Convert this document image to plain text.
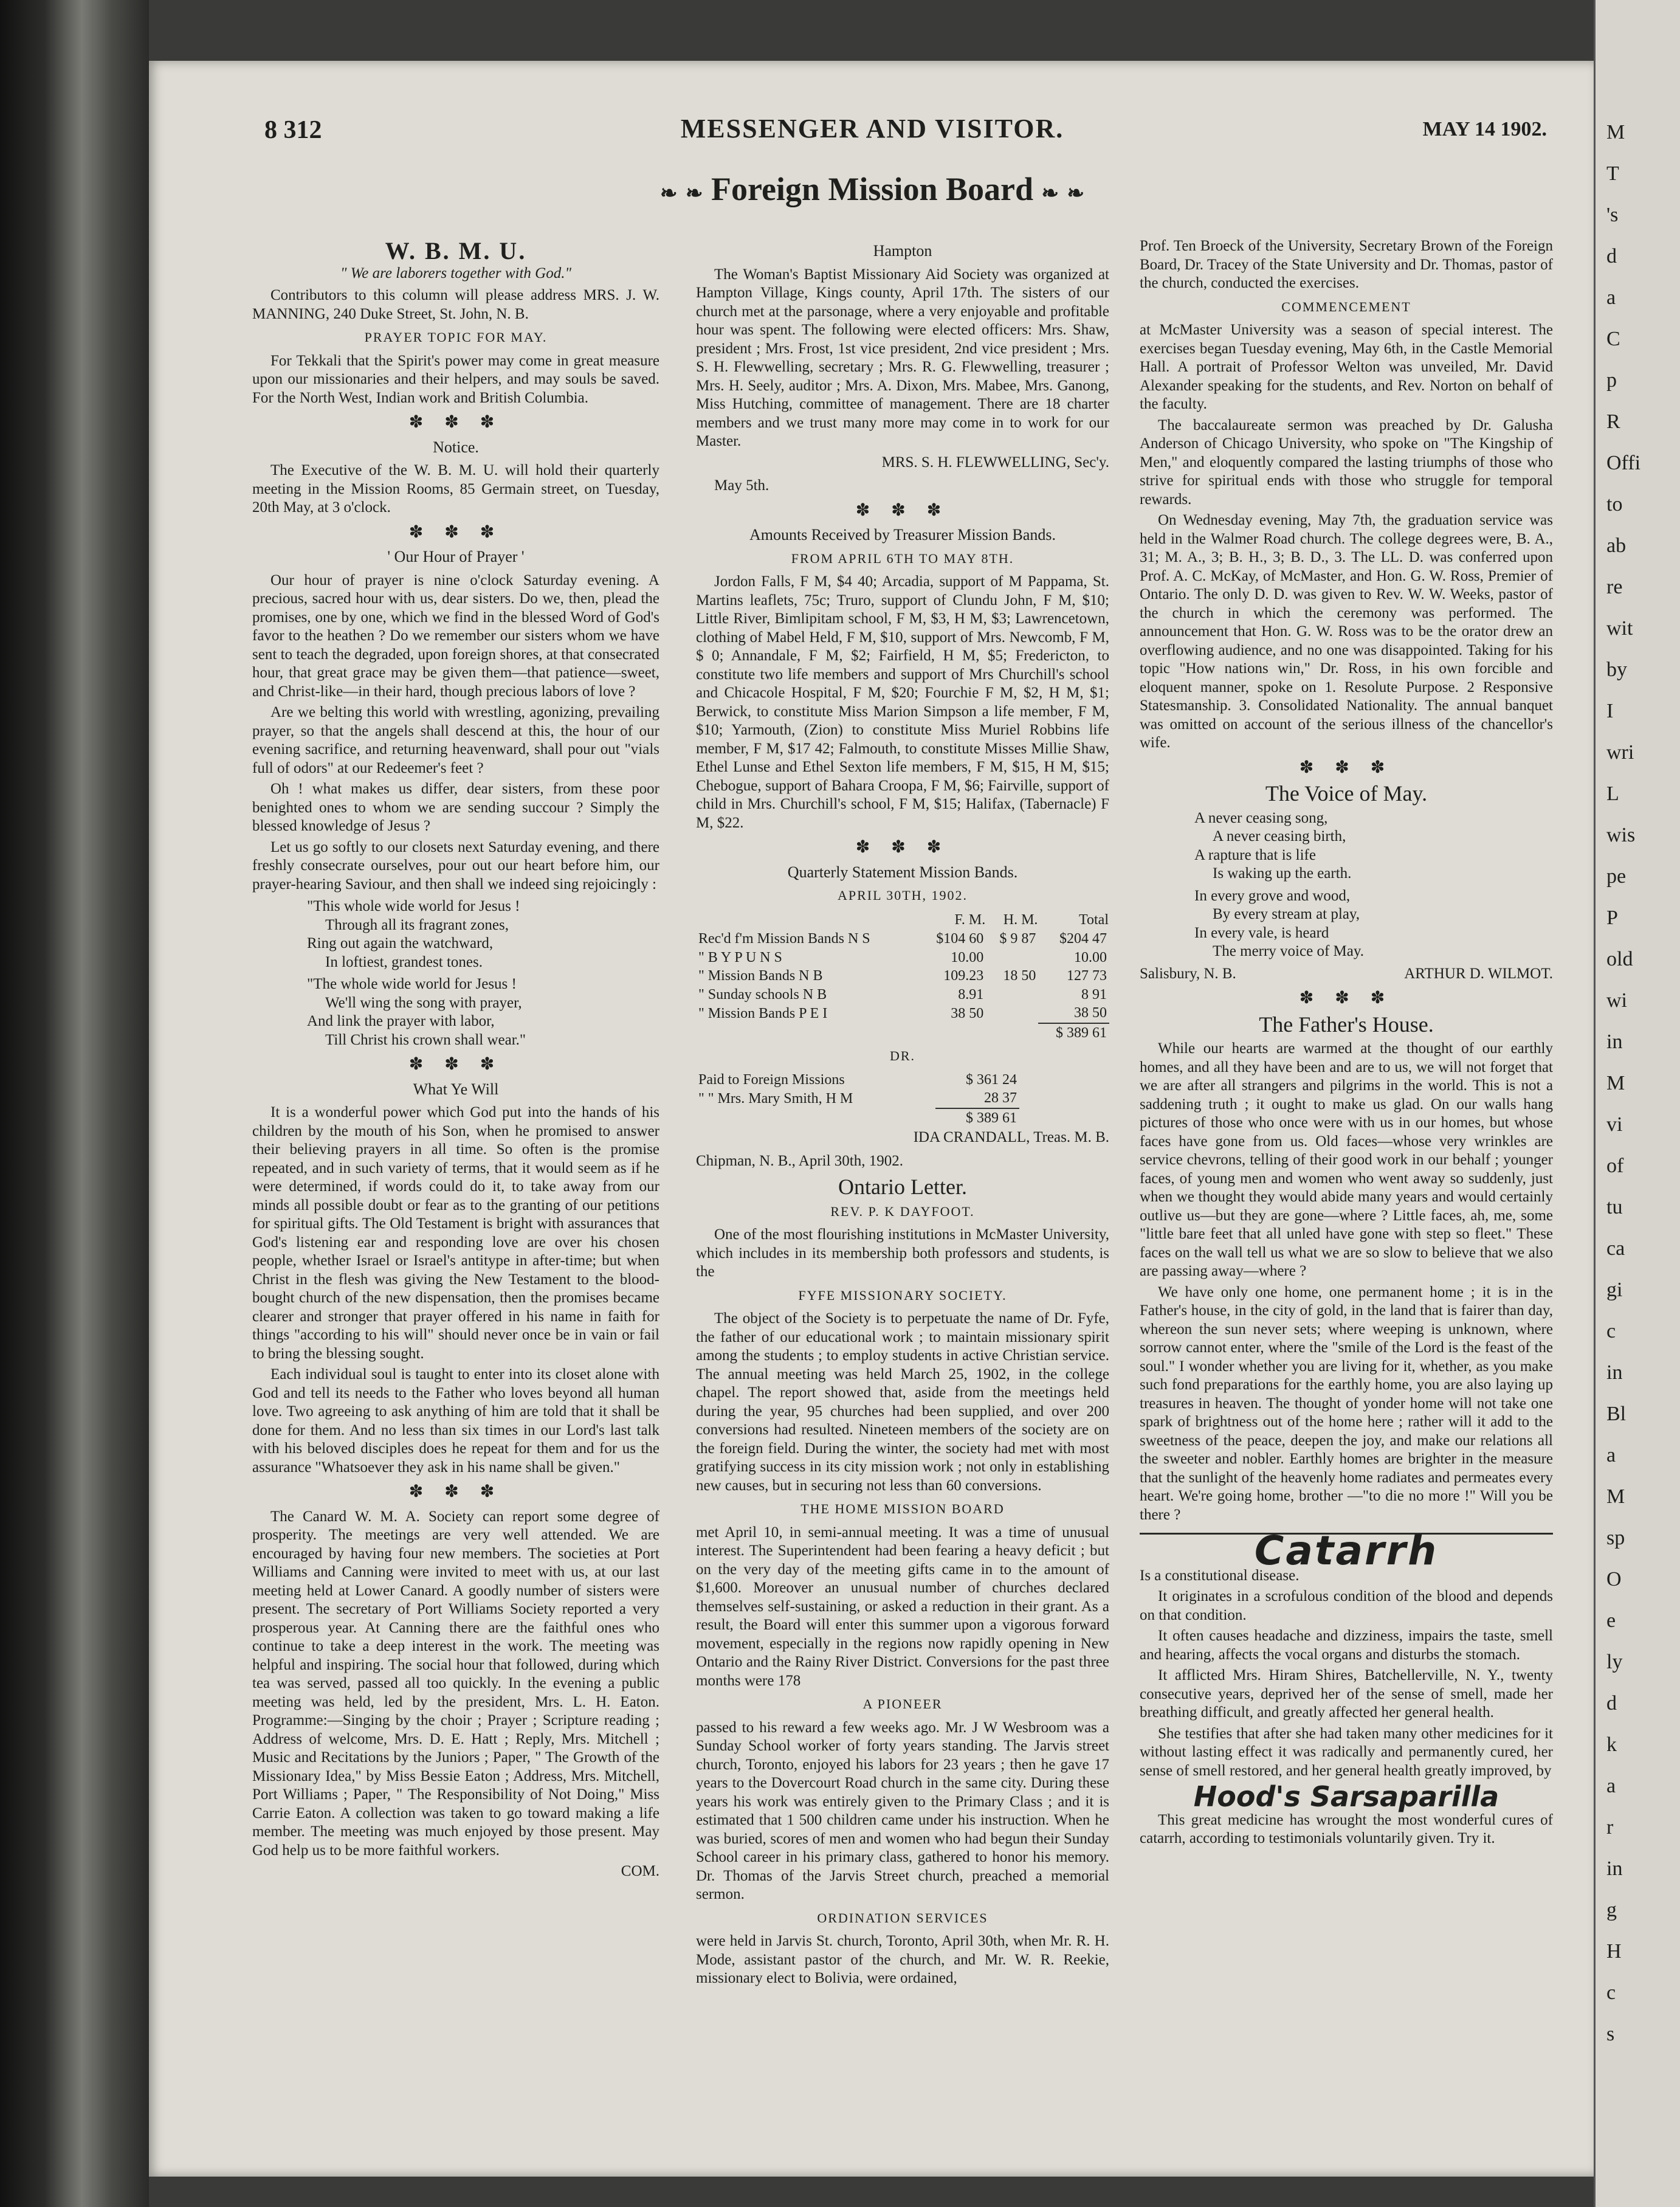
8 312	MESSENGER AND VISITOR.	MAY 14 1902.
❧ ❧ Foreign Mission Board ❧ ❧
W. B. M. U.
" We are laborers together with God."

Contributors to this column will please address MRS. J. W. MANNING, 240 Duke Street, St. John, N. B.

PRAYER TOPIC FOR MAY.

For Tekkali that the Spirit's power may come in great measure upon our missionaries and their helpers, and may souls be saved. For the North West, Indian work and British Columbia.

✽ ✽ ✽
Notice.

The Executive of the W. B. M. U. will hold their quarterly meeting in the Mission Rooms, 85 Germain street, on Tuesday, 20th May, at 3 o'clock.

✽ ✽ ✽
' Our Hour of Prayer '

Our hour of prayer is nine o'clock Saturday evening. A precious, sacred hour with us, dear sisters. Do we, then, plead the promises, one by one, which we find in the blessed Word of God's favor to the heathen ? Do we remember our sisters whom we have sent to teach the degraded, upon foreign shores, at that consecrated hour, that great grace may be given them—that patience—sweet, and Christ-like—in their hard, though precious labors of love ?

Are we belting this world with wrestling, agonizing, prevailing prayer, so that the angels shall descend at this, the hour of our evening sacrifice, and returning heavenward, shall pour out "vials full of odors" at our Redeemer's feet ?

Oh ! what makes us differ, dear sisters, from these poor benighted ones to whom we are sending succour ? Simply the blessed knowledge of Jesus ?

Let us go softly to our closets next Saturday evening, and there freshly consecrate ourselves, pour out our heart before him, our prayer-hearing Saviour, and then shall we indeed sing rejoicingly :

"This whole wide world for Jesus !
Through all its fragrant zones,
Ring out again the watchward,
In loftiest, grandest tones.
"The whole wide world for Jesus !
We'll wing the song with prayer,
And link the prayer with labor,
Till Christ his crown shall wear."
✽ ✽ ✽
What Ye Will

It is a wonderful power which God put into the hands of his children by the mouth of his Son, when he promised to answer their believing prayers in all time. So often is the promise repeated, and in such variety of terms, that it would seem as if he were determined, if words could do it, to take away from our minds all possible doubt or fear as to the granting of our petitions for spiritual gifts. The Old Testament is bright with assurances that God's listening ear and responding love are over his chosen people, whether Israel or Israel's antitype in after-time; but when Christ in the flesh was giving the New Testament to the blood-bought church of the new dispensation, then the promises became clearer and stronger that prayer offered in his name in faith for things "according to his will" should never once be in vain or fail to bring the blessing sought.

Each individual soul is taught to enter into its closet alone with God and tell its needs to the Father who loves beyond all human love. Two agreeing to ask anything of him are told that it shall be done for them. And no less than six times in our Lord's last talk with his beloved disciples does he repeat for them and for us the assurance "Whatsoever they ask in his name shall be given."

✽ ✽ ✽

The Canard W. M. A. Society can report some degree of prosperity. The meetings are very well attended. We are encouraged by having four new members. The societies at Port Williams and Canning were invited to meet with us, at our last meeting held at Lower Canard. A goodly number of sisters were present. The secretary of Port Williams Society reported a very prosperous year. At Canning there are the faithful ones who continue to take a deep interest in the work. The meeting was helpful and inspiring. The social hour that followed, during which tea was served, passed all too quickly. In the evening a public meeting was held, led by the president, Mrs. L. H. Eaton. Programme:—Singing by the choir ; Prayer ; Scripture reading ; Address of welcome, Mrs. D. E. Hatt ; Reply, Mrs. Mitchell ; Music and Recitations by the Juniors ; Paper, " The Growth of the Missionary Idea," by Miss Bessie Eaton ; Address, Mrs. Mitchell, Port Williams ; Paper, " The Responsibility of Not Doing," Miss Carrie Eaton. A collection was taken to go toward making a life member. The meeting was much enjoyed by those present. May God help us to be more faithful workers.

COM.
Hampton

The Woman's Baptist Missionary Aid Society was organized at Hampton Village, Kings county, April 17th. The sisters of our church met at the parsonage, where a very enjoyable and profitable hour was spent. The following were elected officers: Mrs. Shaw, president ; Mrs. Frost, 1st vice president, 2nd vice president ; Mrs. S. H. Flewwelling, secretary ; Mrs. R. G. Flewwelling, treasurer ; Mrs. H. Seely, auditor ; Mrs. A. Dixon, Mrs. Mabee, Mrs. Ganong, Miss Hutching, committee of management. There are 18 charter members and we trust many more may come in to work for our Master.

MRS. S. H. FLEWWELLING, Sec'y.

May 5th.

✽ ✽ ✽
Amounts Received by Treasurer Mission Bands.
FROM APRIL 6TH TO MAY 8TH.

Jordon Falls, F M, $4 40; Arcadia, support of M Pappama, St. Martins leaflets, 75c; Truro, support of Clundu John, F M, $10; Little River, Bimlipitam school, F M, $3, H M, $3; Lawrencetown, clothing of Mabel Held, F M, $10, support of Mrs. Newcomb, F M, $ 0; Annandale, F M, $2; Fairfield, H M, $5; Fredericton, to constitute two life members and support of Mrs Churchill's school and Chicacole Hospital, F M, $20; Fourchie F M, $2, H M, $1; Berwick, to constitute Miss Marion Simpson a life member, F M, $10; Yarmouth, (Zion) to constitute Miss Muriel Robbins life member, F M, $17 42; Falmouth, to constitute Misses Millie Shaw, Ethel Lunse and Ethel Sexton life members, F M, $15, H M, $15; Chebogue, support of Bahara Croopa, F M, $6; Fairville, support of child in Mrs. Churchill's school, F M, $15; Halifax, (Tabernacle) F M, $22.

✽ ✽ ✽
Quarterly Statement Mission Bands.
APRIL 30TH, 1902.
	F. M.	H. M.	Total
Rec'd f'm Mission Bands N S	$104 60	$ 9 87	$204 47
" B Y P U N S	10.00		10.00
" Mission Bands N B	109.23	18 50	127 73
" Sunday schools N B	8.91		8 91
" Mission Bands P E I	38 50		38 50
			$ 389 61
DR.
Paid to Foreign Missions	$ 361 24	
" " Mrs. Mary Smith, H M	28 37	
	$ 389 61	
IDA CRANDALL, Treas. M. B.

Chipman, N. B., April 30th, 1902.

Ontario Letter.
REV. P. K DAYFOOT.

One of the most flourishing institutions in McMaster University, which includes in its membership both professors and students, is the

FYFE MISSIONARY SOCIETY.

The object of the Society is to perpetuate the name of Dr. Fyfe, the father of our educational work ; to maintain missionary spirit among the students ; to employ students in active Christian service. The annual meeting was held March 25, 1902, in the college chapel. The report showed that, aside from the meetings held during the year, 95 churches had been supplied, and over 200 conversions had resulted. Nineteen members of the society are on the foreign field. During the winter, the society had met with most gratifying success in its city mission work ; not only in establishing new causes, but in securing not less than 60 conversions.

THE HOME MISSION BOARD

met April 10, in semi-annual meeting. It was a time of unusual interest. The Superintendent had been fearing a heavy deficit ; but on the very day of the meeting gifts came in to the amount of $1,600. Moreover an unusual number of churches declared themselves self-sustaining, or asked a reduction in their grant. As a result, the Board will enter this summer upon a vigorous forward movement, especially in the regions now rapidly opening in New Ontario and the Rainy River District. Conversions for the past three months were 178

A PIONEER

passed to his reward a few weeks ago. Mr. J W Wesbroom was a Sunday School worker of forty years standing. The Jarvis street church, Toronto, enjoyed his labors for 23 years ; then he gave 17 years to the Dovercourt Road church in the same city. During these years his work was entirely given to the Primary Class ; and it is estimated that 1 500 children came under his instruction. When he was buried, scores of men and women who had begun their Sunday School career in his primary class, gathered to honor his memory. Dr. Thomas of the Jarvis Street church, preached a memorial sermon.

ORDINATION SERVICES

were held in Jarvis St. church, Toronto, April 30th, when Mr. R. H. Mode, assistant pastor of the church, and Mr. W. R. Reekie, missionary elect to Bolivia, were ordained,

Prof. Ten Broeck of the University, Secretary Brown of the Foreign Board, Dr. Tracey of the State University and Dr. Thomas, pastor of the church, conducted the exercises.

COMMENCEMENT

at McMaster University was a season of special interest. The exercises began Tuesday evening, May 6th, in the Castle Memorial Hall. A portrait of Professor Welton was unveiled, Mr. David Alexander speaking for the students, and Rev. Norton on behalf of the faculty.

The baccalaureate sermon was preached by Dr. Galusha Anderson of Chicago University, who spoke on "The Kingship of Men," and eloquently compared the lasting triumphs of those who strive for spiritual ends with those who struggle for temporal rewards.

On Wednesday evening, May 7th, the graduation service was held in the Walmer Road church. The college degrees were, B. A., 31; M. A., 3; B. H., 3; B. D., 3. The LL. D. was conferred upon Prof. A. C. McKay, of McMaster, and Hon. G. W. Ross, Premier of Ontario. The only D. D. was given to Rev. W. W. Weeks, pastor of the church in which the ceremony was performed. The announcement that Hon. G. W. Ross was to be the orator drew an overflowing audience, and no one was disappointed. Taking for his topic "How nations win," Dr. Ross, in his own forcible and eloquent manner, spoke on 1. Resolute Purpose. 2 Responsive Statesmanship. 3. Consolidated Nationality. The annual banquet was omitted on account of the serious illness of the chancellor's wife.

✽ ✽ ✽
The Voice of May.
A never ceasing song,
A never ceasing birth,
A rapture that is life
Is waking up the earth.
In every grove and wood,
By every stream at play,
In every vale, is heard
The merry voice of May.
Salisbury, N. B.	ARTHUR D. WILMOT.
✽ ✽ ✽
The Father's House.

While our hearts are warmed at the thought of our earthly homes, and all they have been and are to us, we will not forget that we are after all strangers and pilgrims in the world. This is not a saddening truth ; it ought to make us glad. On our walls hang pictures of those who once were with us in our homes, but whose faces have gone from us. Old faces—whose very wrinkles are service chevrons, telling of their good work in our behalf ; younger faces, of young men and women who went away so suddenly, just when we thought they would abide many years and would certainly outlive us—but they are gone—where ? Little faces, ah, me, some "little bare feet that all unled have gone with step so fleet." These faces on the wall tell us what we are so slow to believe that we also are passing away—where ?

We have only one home, one permanent home ; it is in the Father's house, in the city of gold, in the land that is fairer than day, whereon the sun never sets; where weeping is unknown, where sorrow cannot enter, where the "smile of the Lord is the feast of the soul." I wonder whether you are living for it, whether, as you make such fond preparations for the earthly home, you are also laying up treasures in heaven. The thought of yonder home will not take one spark of brightness out of the home here ; rather will it add to the sweetness of the peace, deepen the joy, and make our relations all the sweeter and nobler. Earthly homes are brighter in the measure that the sunlight of the heavenly home radiates and permeates every heart. We're going home, brother —"to die no more !" Will you be there ?

Catarrh

Is a constitutional disease.

It originates in a scrofulous condition of the blood and depends on that condition.

It often causes headache and dizziness, impairs the taste, smell and hearing, affects the vocal organs and disturbs the stomach.

It afflicted Mrs. Hiram Shires, Batchellerville, N. Y., twenty consecutive years, deprived her of the sense of smell, made her breathing difficult, and greatly affected her general health.

She testifies that after she had taken many other medicines for it without lasting effect it was radically and permanently cured, her sense of smell restored, and her general health greatly improved, by

Hood's Sarsaparilla

This great medicine has wrought the most wonderful cures of catarrh, according to testimonials voluntarily given. Try it.

M
T
's
d
a
C
p
R
Offi
to
ab
re
wit
by
I
wri
L
wis
pe
P
old
wi
in
M
vi
of
tu
ca
gi
c
in
Bl
a
M
sp
O
e
ly
d
k
a
r
in
g
H
c
s
